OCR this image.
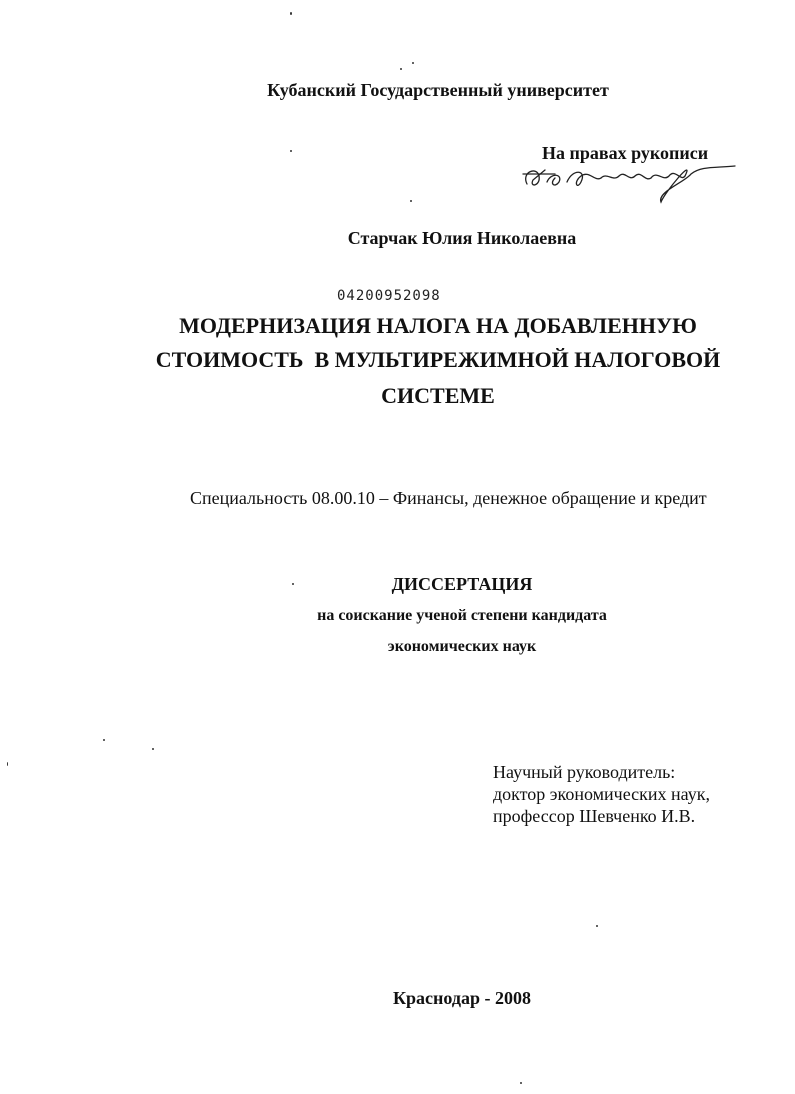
Кубанский Государственный университет
На правах рукописи
Старчак Юлия Николаевна
04200952098
МОДЕРНИЗАЦИЯ НАЛОГА НА ДОБАВЛЕННУЮ
СТОИМОСТЬ  В МУЛЬТИРЕЖИМНОЙ НАЛОГОВОЙ
СИСТЕМЕ
Специальность 08.00.10 – Финансы, денежное обращение и кредит
ДИССЕРТАЦИЯ
на соискание ученой степени кандидата
экономических наук
Научный руководитель:
доктор экономических наук,
профессор Шевченко И.В.
Краснодар - 2008
